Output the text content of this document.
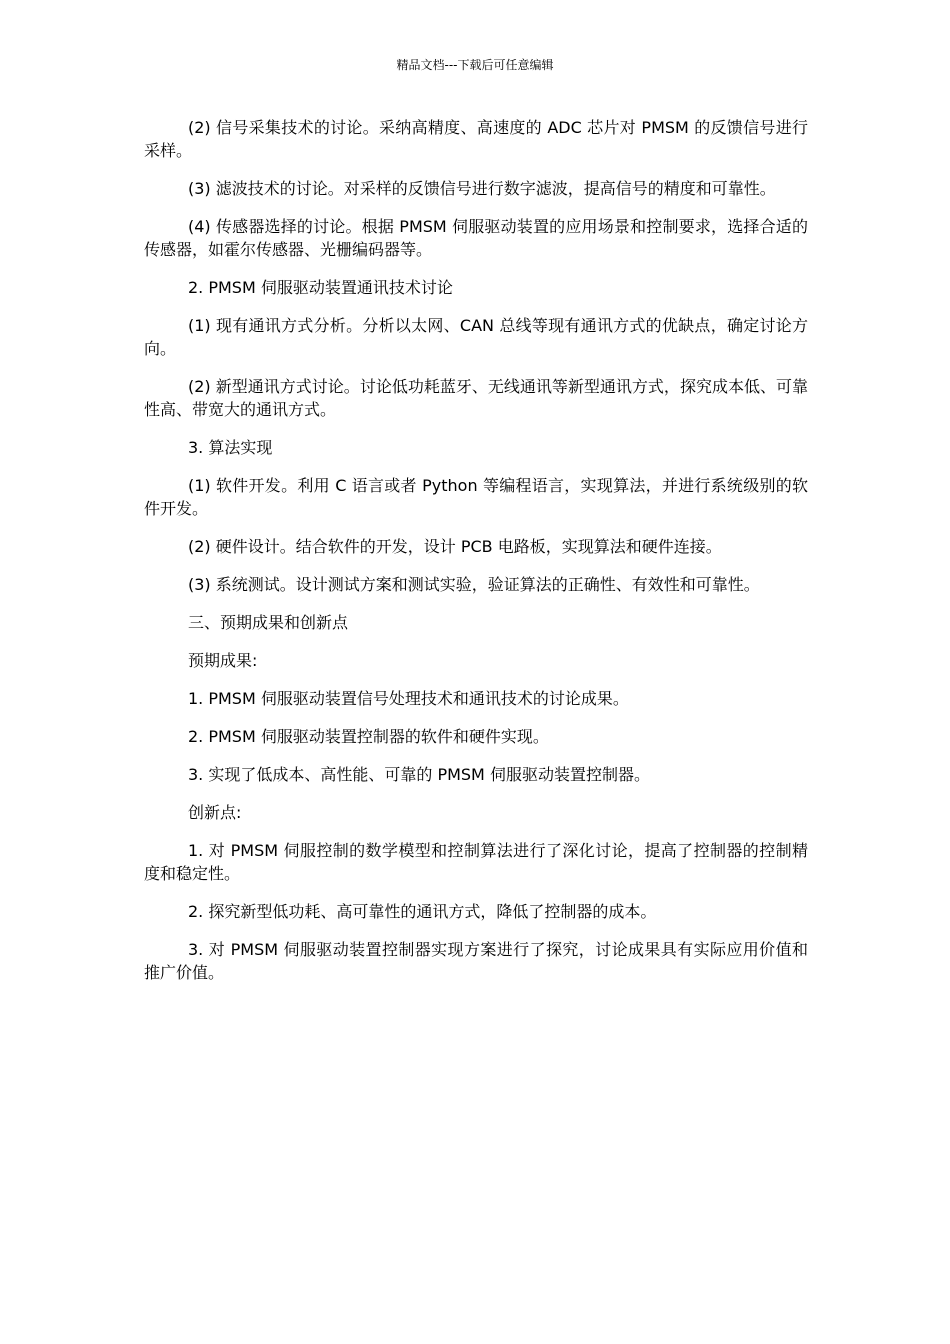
精品文档---下载后可任意编辑

(2) 信号采集技术的讨论。采纳高精度、高速度的 ADC 芯片对 PMSM 的反馈信号进行采样。

(3) 滤波技术的讨论。对采样的反馈信号进行数字滤波，提高信号的精度和可靠性。

(4) 传感器选择的讨论。根据 PMSM 伺服驱动装置的应用场景和控制要求，选择合适的传感器，如霍尔传感器、光栅编码器等。

2. PMSM 伺服驱动装置通讯技术讨论

(1) 现有通讯方式分析。分析以太网、CAN 总线等现有通讯方式的优缺点，确定讨论方向。

(2) 新型通讯方式讨论。讨论低功耗蓝牙、无线通讯等新型通讯方式，探究成本低、可靠性高、带宽大的通讯方式。

3. 算法实现

(1) 软件开发。利用 C 语言或者 Python 等编程语言，实现算法，并进行系统级别的软件开发。

(2) 硬件设计。结合软件的开发，设计 PCB 电路板，实现算法和硬件连接。

(3) 系统测试。设计测试方案和测试实验，验证算法的正确性、有效性和可靠性。

三、预期成果和创新点

预期成果:

1. PMSM 伺服驱动装置信号处理技术和通讯技术的讨论成果。

2. PMSM 伺服驱动装置控制器的软件和硬件实现。

3. 实现了低成本、高性能、可靠的 PMSM 伺服驱动装置控制器。

创新点:

1. 对 PMSM 伺服控制的数学模型和控制算法进行了深化讨论，提高了控制器的控制精度和稳定性。

2. 探究新型低功耗、高可靠性的通讯方式，降低了控制器的成本。

3. 对 PMSM 伺服驱动装置控制器实现方案进行了探究，讨论成果具有实际应用价值和推广价值。
